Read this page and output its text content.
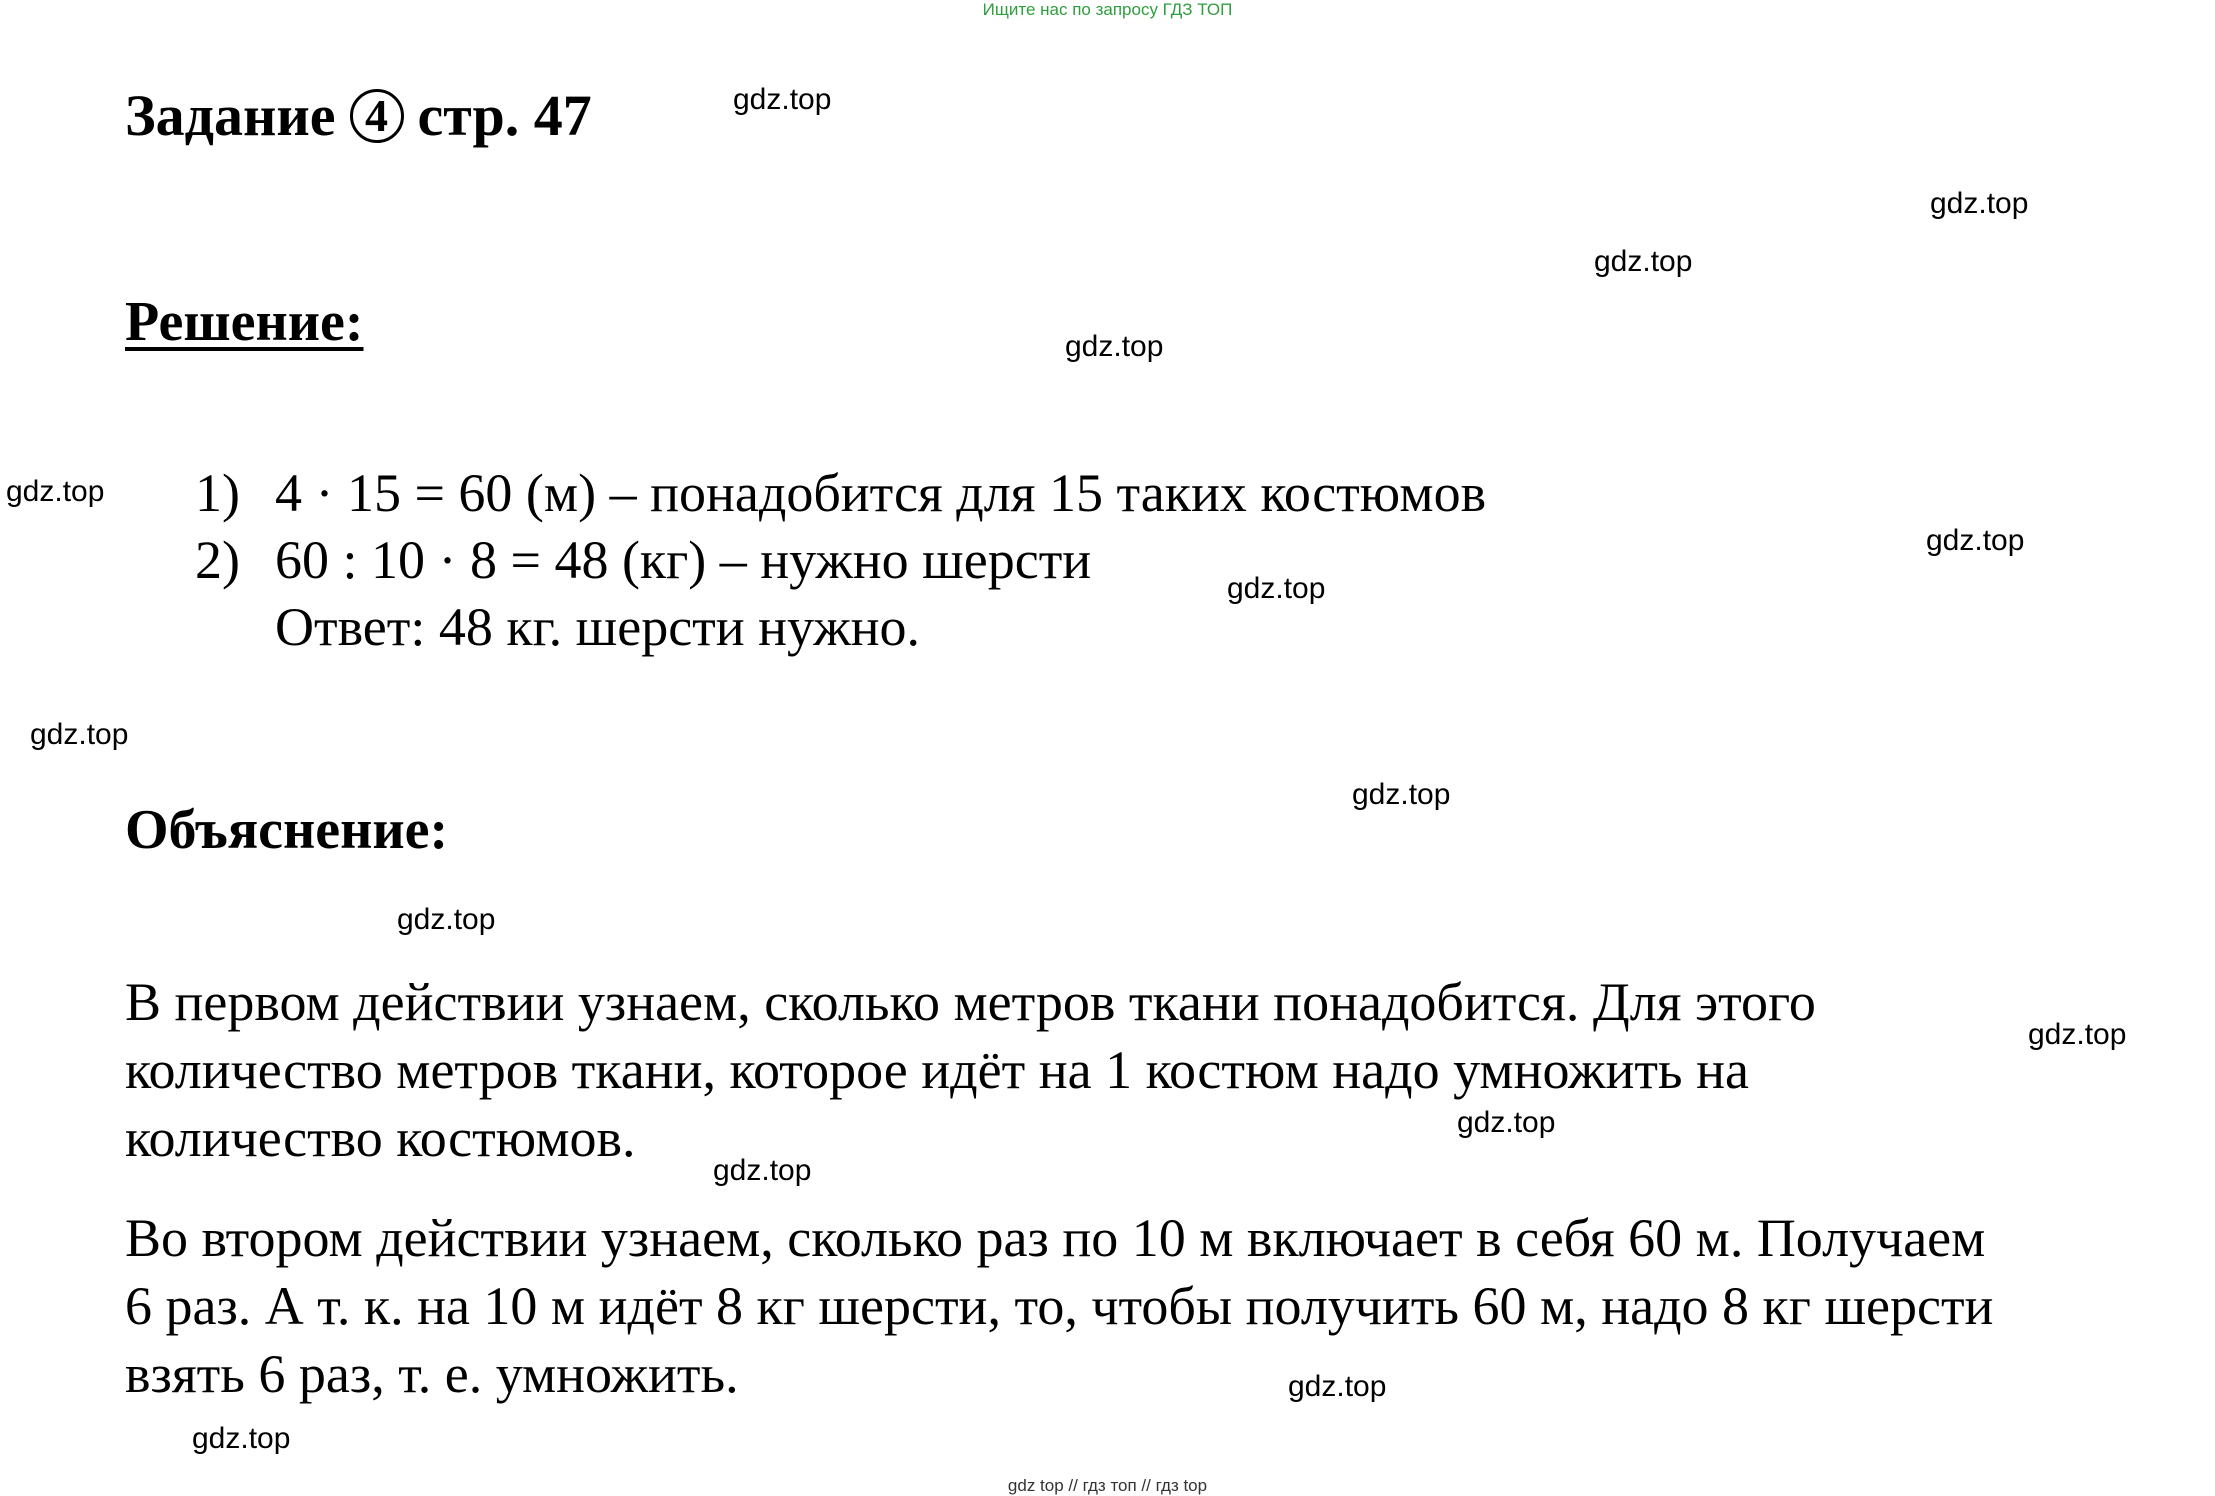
Ищите нас по запросу ГДЗ ТОП
Задание 4 стр. 47
Решение:
1) 4 · 15 = 60 (м) – понадобится для 15 таких костюмов
2) 60 : 10 · 8 = 48 (кг) – нужно шерсти
Ответ: 48 кг. шерсти нужно.
Объяснение:
В первом действии узнаем, сколько метров ткани понадобится. Для этого
количество метров ткани, которое идёт на 1 костюм надо умножить на
количество костюмов.
Во втором действии узнаем, сколько раз по 10 м включает в себя 60 м. Получаем
6 раз. А т. к. на 10 м идёт 8 кг шерсти, то, чтобы получить 60 м, надо 8 кг шерсти
взять 6 раз, т. е. умножить.
gdz.top
gdz.top
gdz.top
gdz.top
gdz.top
gdz.top
gdz.top
gdz.top
gdz.top
gdz.top
gdz.top
gdz.top
gdz.top
gdz.top
gdz.top
gdz top // гдз топ // гдз top
